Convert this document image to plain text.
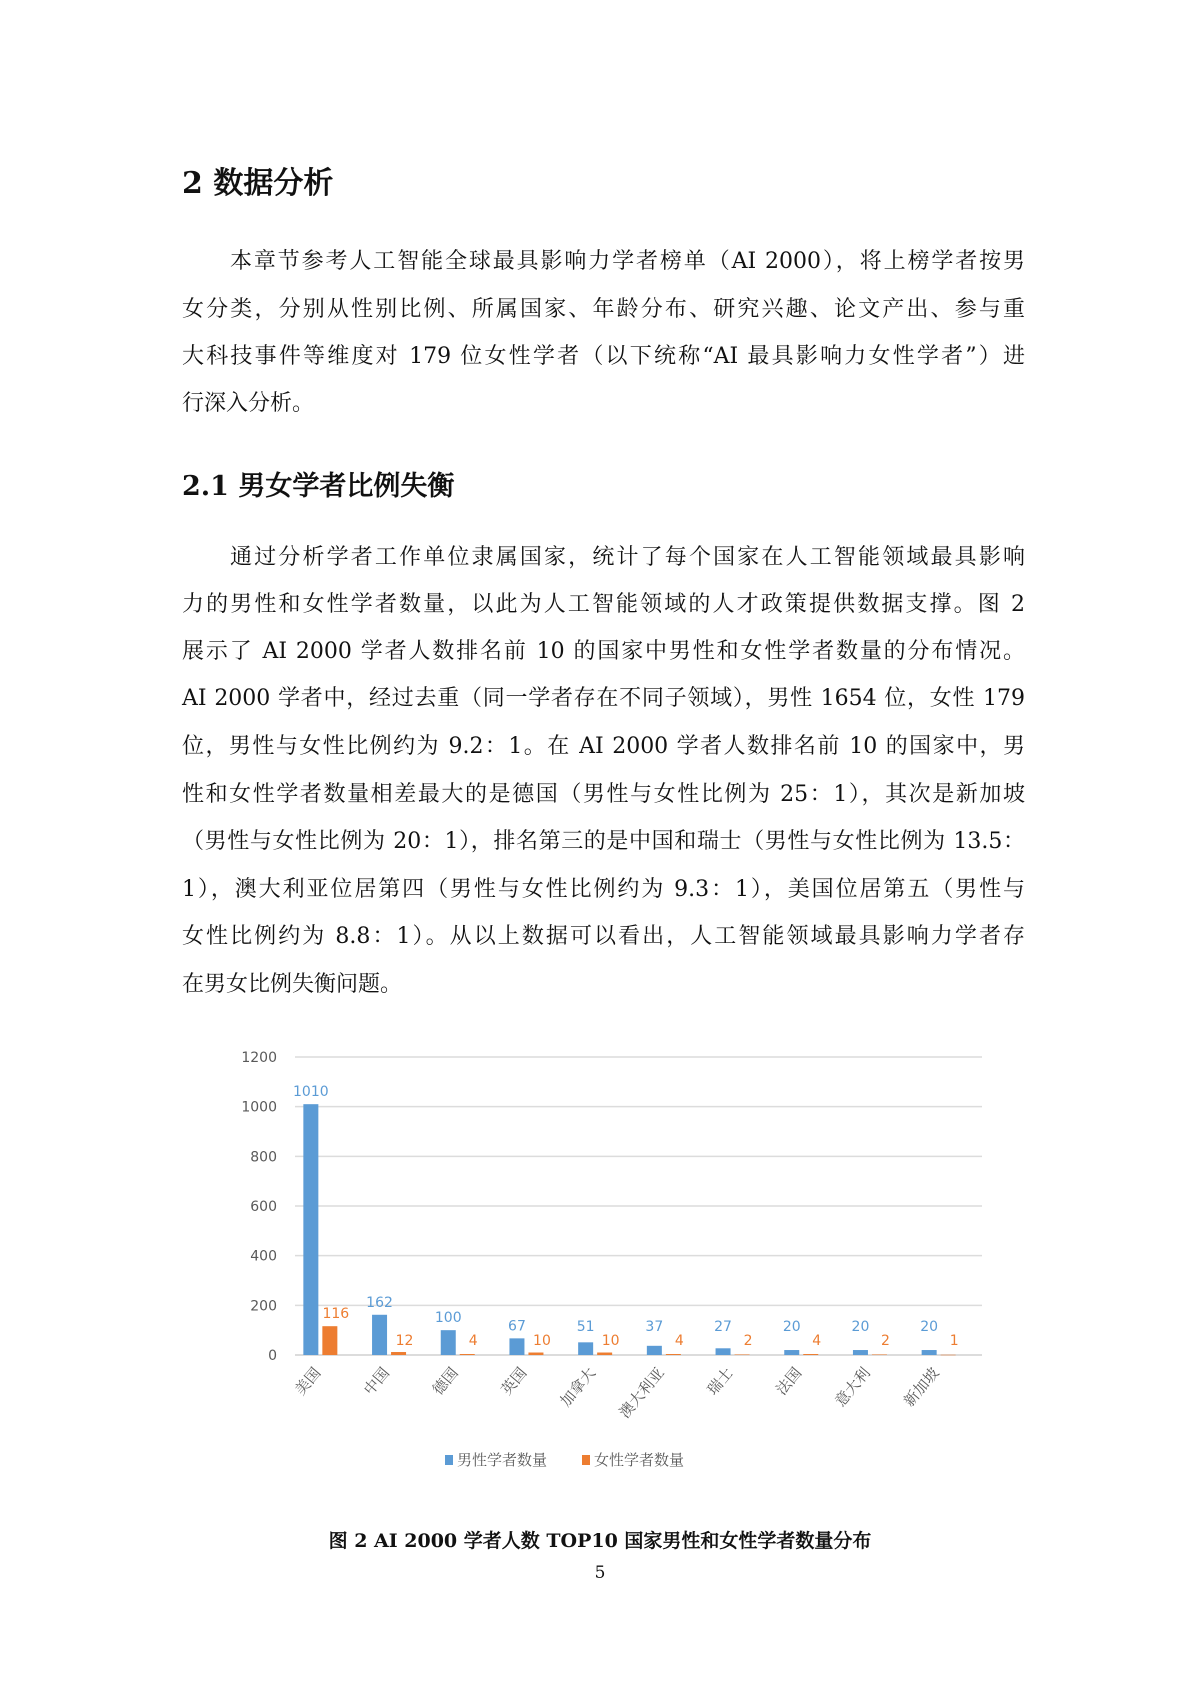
2 数据分析
本章节参考人工智能全球最具影响力学者榜单（AI 2000），将上榜学者按男
女分类，分别从性别比例、所属国家、年龄分布、研究兴趣、论文产出、参与重
大科技事件等维度对 179 位女性学者（以下统称“AI 最具影响力女性学者”）进
行深入分析。
2.1 男女学者比例失衡
通过分析学者工作单位隶属国家，统计了每个国家在人工智能领域最具影响
力的男性和女性学者数量，以此为人工智能领域的人才政策提供数据支撑。图 2
展示了 AI 2000 学者人数排名前 10 的国家中男性和女性学者数量的分布情况。
AI 2000 学者中，经过去重（同一学者存在不同子领域），男性 1654 位，女性 179
位，男性与女性比例约为 9.2：1。在 AI 2000 学者人数排名前 10 的国家中，男
性和女性学者数量相差最大的是德国（男性与女性比例为 25：1），其次是新加坡
（男性与女性比例为 20：1），排名第三的是中国和瑞士（男性与女性比例为 13.5：
1），澳大利亚位居第四（男性与女性比例约为 9.3：1），美国位居第五（男性与
女性比例约为 8.8：1）。从以上数据可以看出，人工智能领域最具影响力学者存
在男女比例失衡问题。
0
200
400
600
800
1000
1200
1010
116
美国
162
12
中国
100
4
德国
67
10
英国
51
10
加拿大
37
4
澳大利亚
27
2
瑞士
20
4
法国
20
2
意大利
20
1
新加坡
男性学者数量	女性学者数量
图 2 AI 2000 学者人数 TOP10 国家男性和女性学者数量分布
5
